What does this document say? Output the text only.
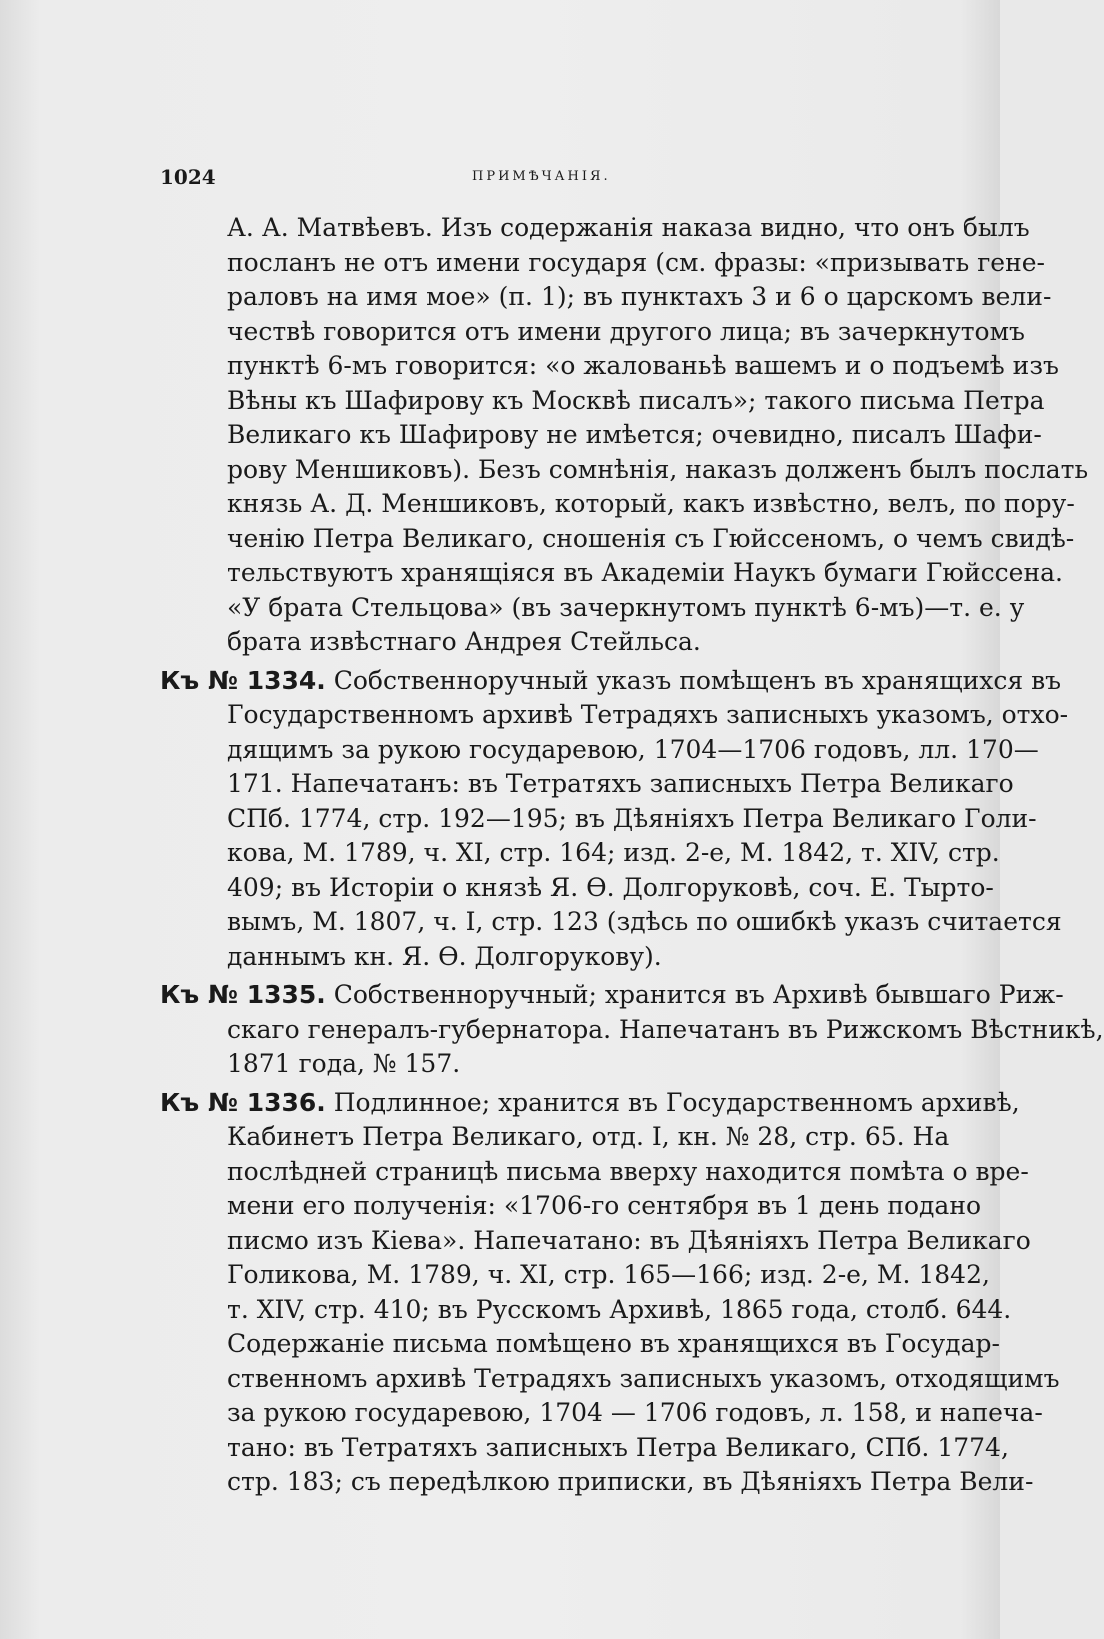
1024	ПРИМѢЧАНІЯ.
А. А. Матвѣевъ. Изъ содержанія наказа видно, что онъ былъ
посланъ не отъ имени государя (см. фразы: «призывать гене-
раловъ на имя мое» (п. 1); въ пунктахъ 3 и 6 о царскомъ вели-
чествѣ говорится отъ имени другого лица; въ зачеркнутомъ
пунктѣ 6-мъ говорится: «о жалованьѣ вашемъ и о подъемѣ изъ
Вѣны къ Шафирову къ Москвѣ писалъ»; такого письма Петра
Великаго къ Шафирову не имѣется; очевидно, писалъ Шафи-
рову Меншиковъ). Безъ сомнѣнія, наказъ долженъ былъ послать
князь А. Д. Меншиковъ, который, какъ извѣстно, велъ, по пору-
ченію Петра Великаго, сношенія съ Гюйссеномъ, о чемъ свидѣ-
тельствуютъ хранящіяся въ Академіи Наукъ бумаги Гюйссена.
«У брата Стельцова» (въ зачеркнутомъ пунктѣ 6-мъ)—т. е. у
брата извѣстнаго Андрея Стейльса.
Къ № 1334. Собственноручный указъ помѣщенъ въ хранящихся въ
Государственномъ архивѣ Тетрадяхъ записныхъ указомъ, отхо-
дящимъ за рукою государевою, 1704—1706 годовъ, лл. 170—
171. Напечатанъ: въ Тетратяхъ записныхъ Петра Великаго
СПб. 1774, стр. 192—195; въ Дѣяніяхъ Петра Великаго Голи-
кова, М. 1789, ч. XI, стр. 164; изд. 2-е, М. 1842, т. XIV, стр.
409; въ Исторіи о князѣ Я. Ѳ. Долгоруковѣ, соч. Е. Тырто-
вымъ, М. 1807, ч. I, стр. 123 (здѣсь по ошибкѣ указъ считается
даннымъ кн. Я. Ѳ. Долгорукову).
Къ № 1335. Собственноручный; хранится въ Архивѣ бывшаго Риж-
скаго генералъ-губернатора. Напечатанъ въ Рижскомъ Вѣстникѣ,
1871 года, № 157.
Къ № 1336. Подлинное; хранится въ Государственномъ архивѣ,
Кабинетъ Петра Великаго, отд. I, кн. № 28, стр. 65. На
послѣдней страницѣ письма вверху находится помѣта о вре-
мени его полученія: «1706-го сентября въ 1 день подано
писмо изъ Кіева». Напечатано: въ Дѣяніяхъ Петра Великаго
Голикова, М. 1789, ч. XI, стр. 165—166; изд. 2-е, М. 1842,
т. XIV, стр. 410; въ Русскомъ Архивѣ, 1865 года, столб. 644.
Содержаніе письма помѣщено въ хранящихся въ Государ-
ственномъ архивѣ Тетрадяхъ записныхъ указомъ, отходящимъ
за рукою государевою, 1704 — 1706 годовъ, л. 158, и напеча-
тано: въ Тетратяхъ записныхъ Петра Великаго, СПб. 1774,
стр. 183; съ передѣлкою приписки, въ Дѣяніяхъ Петра Вели-
